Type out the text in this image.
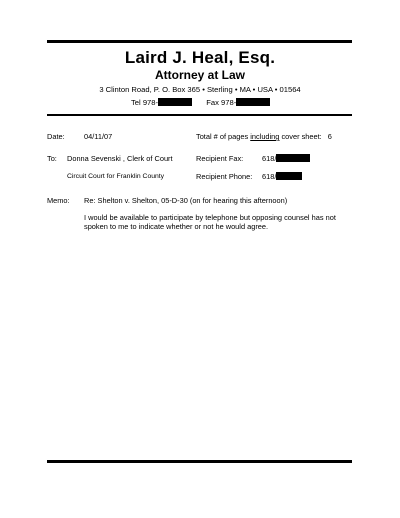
Laird J. Heal, Esq.
Attorney at Law
3 Clinton Road, P. O. Box 365 • Sterling • MA • USA • 01564
Tel 978-	Fax 978-
Date:	04/11/07	Total # of pages including cover sheet: 6
To: Donna Sevenski , Clerk of Court	Recipient Fax:	618/
Circuit Court for Franklin County	Recipient Phone: 618/
Memo: Re: Shelton v. Shelton, 05-D-30 (on for hearing this afternoon)
I would be available to participate by telephone but opposing counsel has not
spoken to me to indicate whether or not he would agree.
